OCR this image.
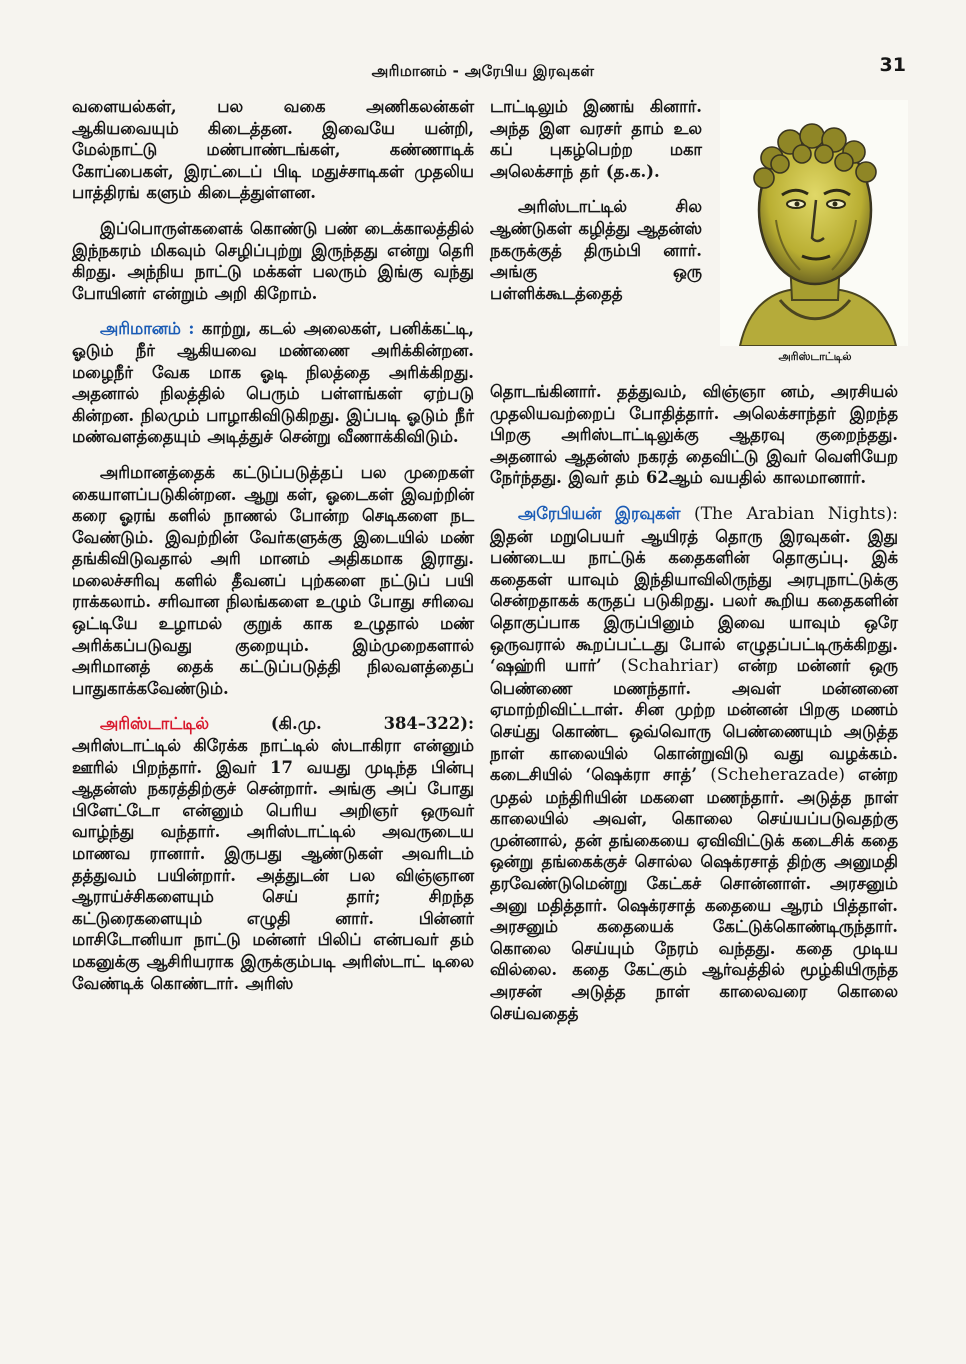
அரிமானம் - அரேபிய இரவுகள்	31

வளையல்கள், பல வகை அணிகலன்கள் ஆகியவையும் கிடைத்தன. இவையே யன்றி, மேல்நாட்டு மண்பாண்டங்கள், கண்ணாடிக் கோப்பைகள், இரட்டைப் பிடி மதுச்சாடிகள் முதலிய பாத்திரங் களும் கிடைத்துள்ளன.

இப்பொருள்களைக் கொண்டு பண் டைக்காலத்தில் இந்நகரம் மிகவும் செழிப்புற்று இருந்தது என்று தெரி கிறது. அந்நிய நாட்டு மக்கள் பலரும் இங்கு வந்து போயினர் என்றும் அறி கிறோம்.

அரிமானம் : காற்று, கடல் அலைகள், பனிக்கட்டி, ஓடும் நீர் ஆகியவை மண்ணை அரிக்கின்றன. மழைநீர் வேக மாக ஓடி நிலத்தை அரிக்கிறது. அதனால் நிலத்தில் பெரும் பள்ளங்கள் ஏற்படு கின்றன. நிலமும் பாழாகிவிடுகிறது. இப்படி ஓடும் நீர் மண்வளத்தையும் அடித்துச் சென்று வீணாக்கிவிடும்.

அரிமானத்தைக் கட்டுப்படுத்தப் பல முறைகள் கையாளப்படுகின்றன. ஆறு கள், ஓடைகள் இவற்றின் கரை ஓரங் களில் நாணல் போன்ற செடிகளை நட வேண்டும். இவற்றின் வேர்களுக்கு இடையில் மண் தங்கிவிடுவதால் அரி மானம் அதிகமாக இராது. மலைச்சரிவு களில் தீவனப் புற்களை நட்டுப் பயி ராக்கலாம். சரிவான நிலங்களை உழும் போது சரிவை ஒட்டியே உழாமல் குறுக் காக உழுதால் மண் அரிக்கப்படுவது குறையும். இம்முறைகளால் அரிமானத் தைக் கட்டுப்படுத்தி நிலவளத்தைப் பாதுகாக்கவேண்டும்.

அரிஸ்டாட்டில் (கி.மு. 384–322): அரிஸ்டாட்டில் கிரேக்க நாட்டில் ஸ்டாகிரா என்னும் ஊரில் பிறந்தார். இவர் 17 வயது முடிந்த பின்பு ஆதன்ஸ் நகரத்திற்குச் சென்றார். அங்கு அப் போது பிளேட்டோ என்னும் பெரிய அறிஞர் ஒருவர் வாழ்ந்து வந்தார். அரிஸ்டாட்டில் அவருடைய மாணவ ரானார். இருபது ஆண்டுகள் அவரிடம் தத்துவம் பயின்றார். அத்துடன் பல விஞ்ஞான ஆராய்ச்சிகளையும் செய் தார்; சிறந்த கட்டுரைகளையும் எழுதி னார். பின்னர் மாசிடோனியா நாட்டு மன்னர் பிலிப் என்பவர் தம் மகனுக்கு ஆசிரியராக இருக்கும்படி அரிஸ்டாட் டிலை வேண்டிக் கொண்டார். அரிஸ்

டாட்டிலும் இணங் கினார். அந்த இள வரசர் தாம் உல கப் புகழ்பெற்ற மகா அலெக்சாந் தர் (த.க.).

அரிஸ்டாட்டில் சில ஆண்டுகள் கழித்து ஆதன்ஸ் நகருக்குத் திரும்பி னார். அங்கு ஒரு பள்ளிக்கூடத்தைத்

அரிஸ்டாட்டில்

தொடங்கினார். தத்துவம், விஞ்ஞா னம், அரசியல் முதலியவற்றைப் போதித்தார். அலெக்சாந்தர் இறந்த பிறகு அரிஸ்டாட்டிலுக்கு ஆதரவு குறைந்தது. அதனால் ஆதன்ஸ் நகரத் தைவிட்டு இவர் வெளியேற நேர்ந்தது. இவர் தம் 62ஆம் வயதில் காலமானார்.

அரேபியன் இரவுகள் (The Arabian Nights): இதன் மறுபெயர் ஆயிரத் தொரு இரவுகள். இது பண்டைய நாட்டுக் கதைகளின் தொகுப்பு. இக் கதைகள் யாவும் இந்தியாவிலிருந்து அரபுநாட்டுக்கு சென்றதாகக் கருதப் படுகிறது. பலர் கூறிய கதைகளின் தொகுப்பாக இருப்பினும் இவை யாவும் ஒரே ஒருவரால் கூறப்பட்டது போல் எழுதப்பட்டிருக்கிறது. ‘ஷஹ்ரி யார்’ (Schahriar) என்ற மன்னர் ஒரு பெண்ணை மணந்தார். அவள் மன்னனை ஏமாற்றிவிட்டாள். சின முற்ற மன்னன் பிறகு மணம் செய்து கொண்ட ஒவ்வொரு பெண்ணையும் அடுத்த நாள் காலையில் கொன்றுவிடு வது வழக்கம். கடைசியில் ‘ஷெக்ரா சாத்’ (Scheherazade) என்ற முதல் மந்திரியின் மகளை மணந்தார். அடுத்த நாள் காலையில் அவள், கொலை செய்யப்படுவதற்கு முன்னால், தன் தங்கையை ஏவிவிட்டுக் கடைசிக் கதை ஒன்று தங்கைக்குச் சொல்ல ஷெக்ரசாத் திற்கு அனுமதி தரவேண்டுமென்று கேட்கச் சொன்னாள். அரசனும் அனு மதித்தார். ஷெக்ரசாத் கதையை ஆரம் பித்தாள். அரசனும் கதையைக் கேட்டுக்கொண்டிருந்தார். கொலை செய்யும் நேரம் வந்தது. கதை முடிய வில்லை. கதை கேட்கும் ஆர்வத்தில் மூழ்கியிருந்த அரசன் அடுத்த நாள் காலைவரை கொலை செய்வதைத்
